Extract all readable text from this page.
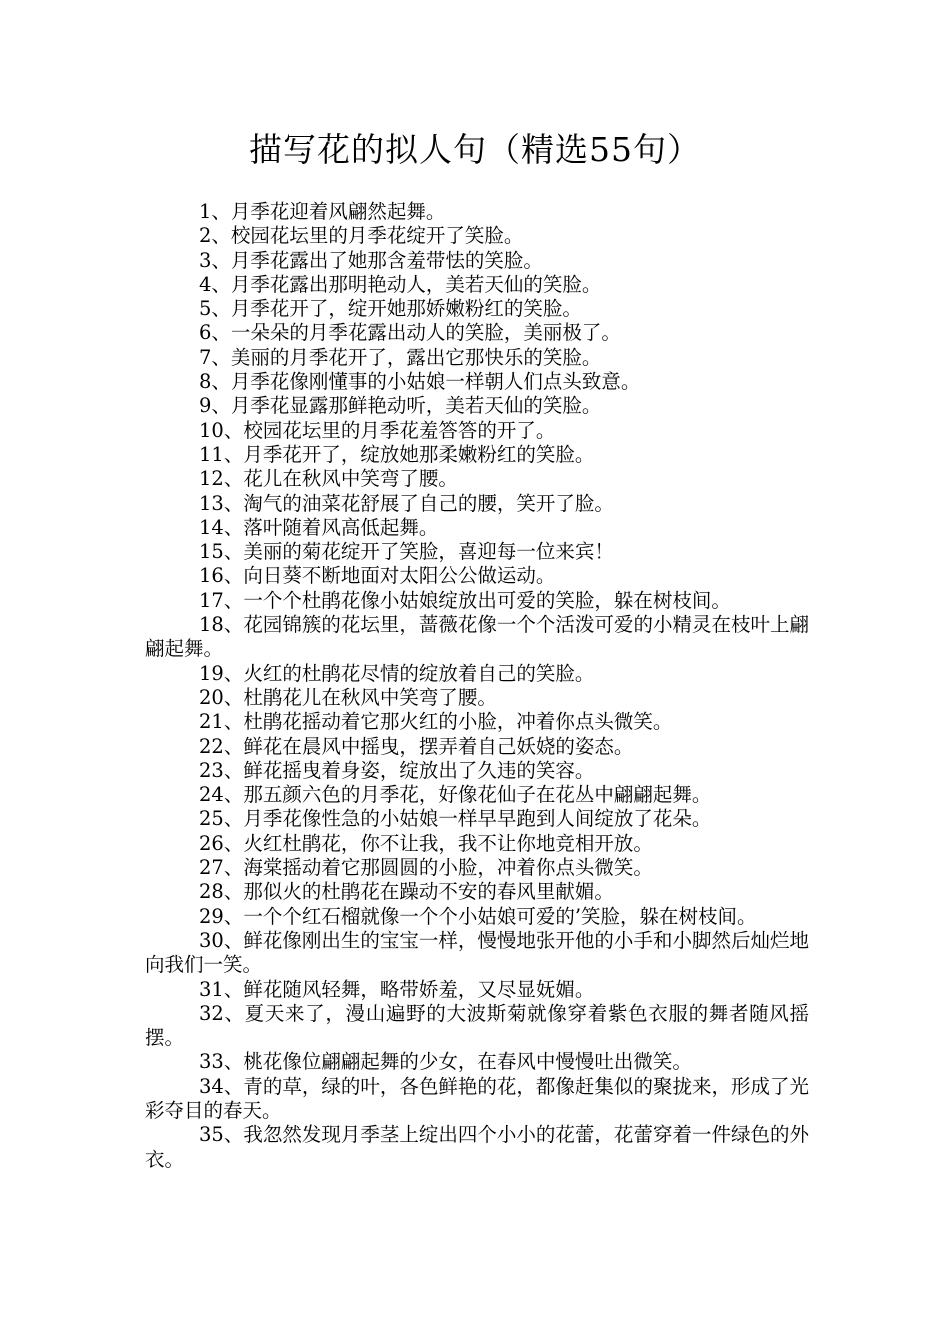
描写花的拟人句（精选55句）

1、月季花迎着风翩然起舞。

2、校园花坛里的月季花绽开了笑脸。

3、月季花露出了她那含羞带怯的笑脸。

4、月季花露出那明艳动人，美若天仙的笑脸。

5、月季花开了，绽开她那娇嫩粉红的笑脸。

6、一朵朵的月季花露出动人的笑脸，美丽极了。

7、美丽的月季花开了，露出它那快乐的笑脸。

8、月季花像刚懂事的小姑娘一样朝人们点头致意。

9、月季花显露那鲜艳动听，美若天仙的笑脸。

10、校园花坛里的月季花羞答答的开了。

11、月季花开了，绽放她那柔嫩粉红的笑脸。

12、花儿在秋风中笑弯了腰。

13、淘气的油菜花舒展了自己的腰，笑开了脸。

14、落叶随着风高低起舞。

15、美丽的菊花绽开了笑脸，喜迎每一位来宾！

16、向日葵不断地面对太阳公公做运动。

17、一个个杜鹃花像小姑娘绽放出可爱的笑脸，躲在树枝间。

18、花园锦簇的花坛里，蔷薇花像一个个活泼可爱的小精灵在枝叶上翩翩起舞。

19、火红的杜鹃花尽情的绽放着自己的笑脸。

20、杜鹃花儿在秋风中笑弯了腰。

21、杜鹃花摇动着它那火红的小脸，冲着你点头微笑。

22、鲜花在晨风中摇曳，摆弄着自己妖娆的姿态。

23、鲜花摇曳着身姿，绽放出了久违的笑容。

24、那五颜六色的月季花，好像花仙子在花丛中翩翩起舞。

25、月季花像性急的小姑娘一样早早跑到人间绽放了花朵。

26、火红杜鹃花，你不让我，我不让你地竞相开放。

27、海棠摇动着它那圆圆的小脸，冲着你点头微笑。

28、那似火的杜鹃花在躁动不安的春风里献媚。

29、一个个红石榴就像一个个小姑娘可爱的’笑脸，躲在树枝间。

30、鲜花像刚出生的宝宝一样，慢慢地张开他的小手和小脚然后灿烂地向我们一笑。

31、鲜花随风轻舞，略带娇羞，又尽显妩媚。

32、夏天来了，漫山遍野的大波斯菊就像穿着紫色衣服的舞者随风摇摆。

33、桃花像位翩翩起舞的少女，在春风中慢慢吐出微笑。

34、青的草，绿的叶，各色鲜艳的花，都像赶集似的聚拢来，形成了光彩夺目的春天。

35、我忽然发现月季茎上绽出四个小小的花蕾，花蕾穿着一件绿色的外衣。
